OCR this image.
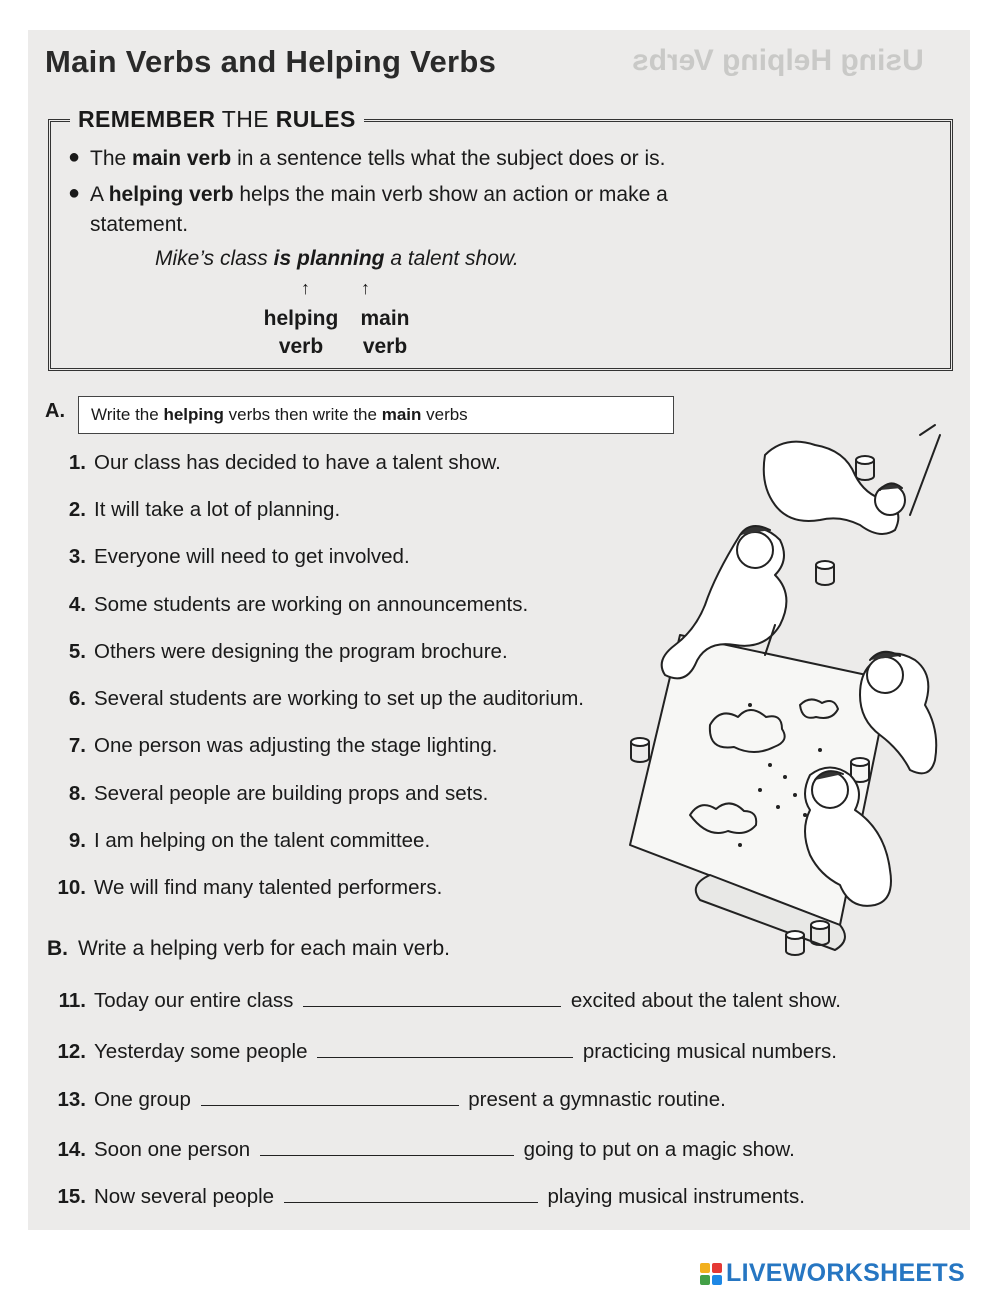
Using Helping Verbs
Main Verbs and Helping Verbs
REMEMBER THE RULES
● The main verb in a sentence tells what the subject does or is.
● A helping verb helps the main verb show an action or make a
statement.
Mike’s class is planning a talent show.
↑	↑
helping
verb
main
verb
A.	Write the helping verbs then write the main verbs
1. Our class has decided to have a talent show.
2. It will take a lot of planning.
3. Everyone will need to get involved.
4. Some students are working on announcements.
5. Others were designing the program brochure.
6. Several students are working to set up the auditorium.
7. One person was adjusting the stage lighting.
8. Several people are building props and sets.
9. I am helping on the talent committee.
10. We will find many talented performers.
B. Write a helping verb for each main verb.
11. Today our entire class	excited about the talent show.
12. Yesterday some people	practicing musical numbers.
13. One group	present a gymnastic routine.
14. Soon one person	going to put on a magic show.
15. Now several people	playing musical instruments.
LIVEWORKSHEETS
